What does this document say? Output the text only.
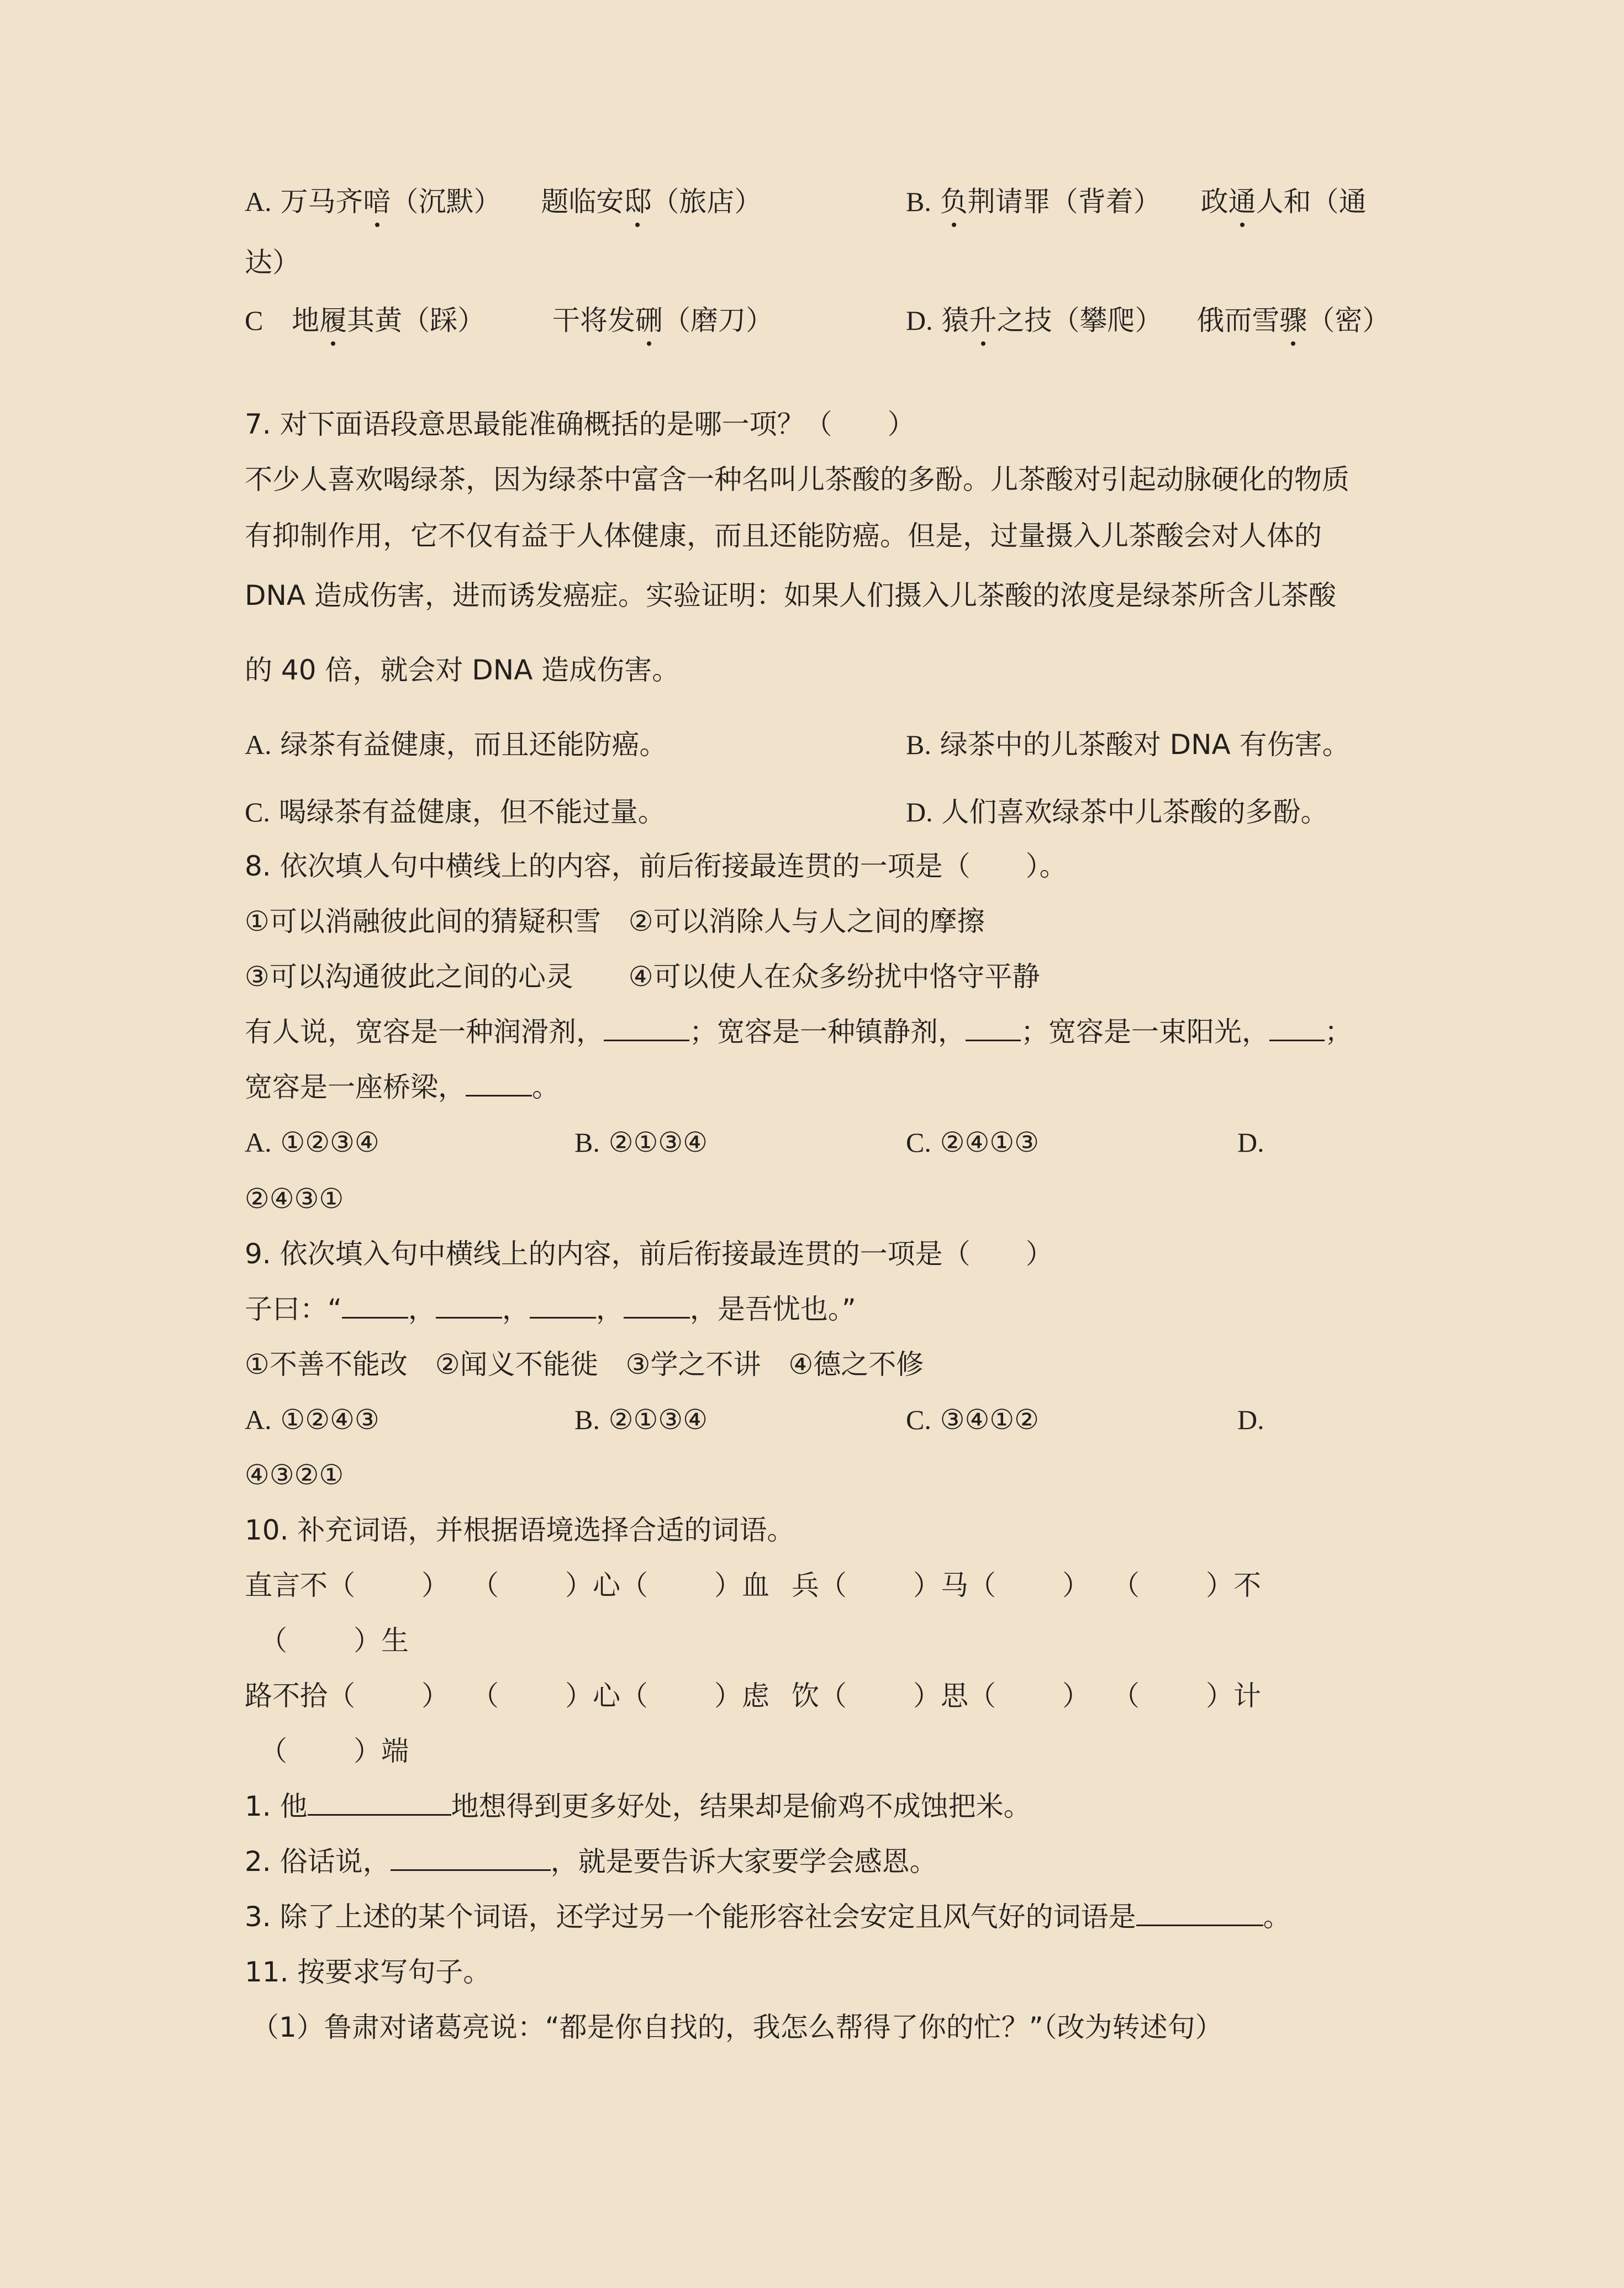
A. 万马齐喑（沉默） 题临安邸（旅店）	B. 负荆请罪（背着） 政通人和（通
达）
C 地履其黄（踩） 干将发硎（磨刀）	D. 猿升之技（攀爬） 俄而雪骤（密）
7. 对下面语段意思最能准确概括的是哪一项？（　　）
不少人喜欢喝绿茶，因为绿茶中富含一种名叫儿茶酸的多酚。儿茶酸对引起动脉硬化的物质
有抑制作用，它不仅有益于人体健康，而且还能防癌。但是，过量摄入儿茶酸会对人体的
DNA 造成伤害，进而诱发癌症。实验证明：如果人们摄入儿茶酸的浓度是绿茶所含儿茶酸
的 40 倍，就会对 DNA 造成伤害。
A. 绿茶有益健康，而且还能防癌。	B. 绿茶中的儿茶酸对 DNA 有伤害。
C. 喝绿茶有益健康，但不能过量。	D. 人们喜欢绿茶中儿茶酸的多酚。
8. 依次填人句中横线上的内容，前后衔接最连贯的一项是（　　）。
①可以消融彼此间的猜疑积雪　②可以消除人与人之间的摩擦
③可以沟通彼此之间的心灵　　④可以使人在众多纷扰中恪守平静
有人说，宽容是一种润滑剂，	；宽容是一种镇静剂， ；宽容是一束阳光， ；
宽容是一座桥梁， 。
A. ①②③④	B. ②①③④	C. ②④①③	D.
②④③①
9. 依次填入句中横线上的内容，前后衔接最连贯的一项是（　　）
子曰：“ ， ， ， ，是吾忧也。”
①不善不能改　②闻义不能徙　③学之不讲　④德之不修
A. ①②④③	B. ②①③④	C. ③④①②	D.
④③②①
10. 补充词语，并根据语境选择合适的词语。
直言不（ ） （ ）心（ ）血 兵（ ）马（ ） （ ）不
（ ）生
路不拾（ ） （ ）心（ ）虑 饮（ ）思（ ） （ ）计
（ ）端
1. 他	地想得到更多好处，结果却是偷鸡不成蚀把米。
2. 俗话说，	，就是要告诉大家要学会感恩。
3. 除了上述的某个词语，还学过另一个能形容社会安定且风气好的词语是	。
11. 按要求写句子。
（1）鲁肃对诸葛亮说：“都是你自找的，我怎么帮得了你的忙？”（改为转述句）
